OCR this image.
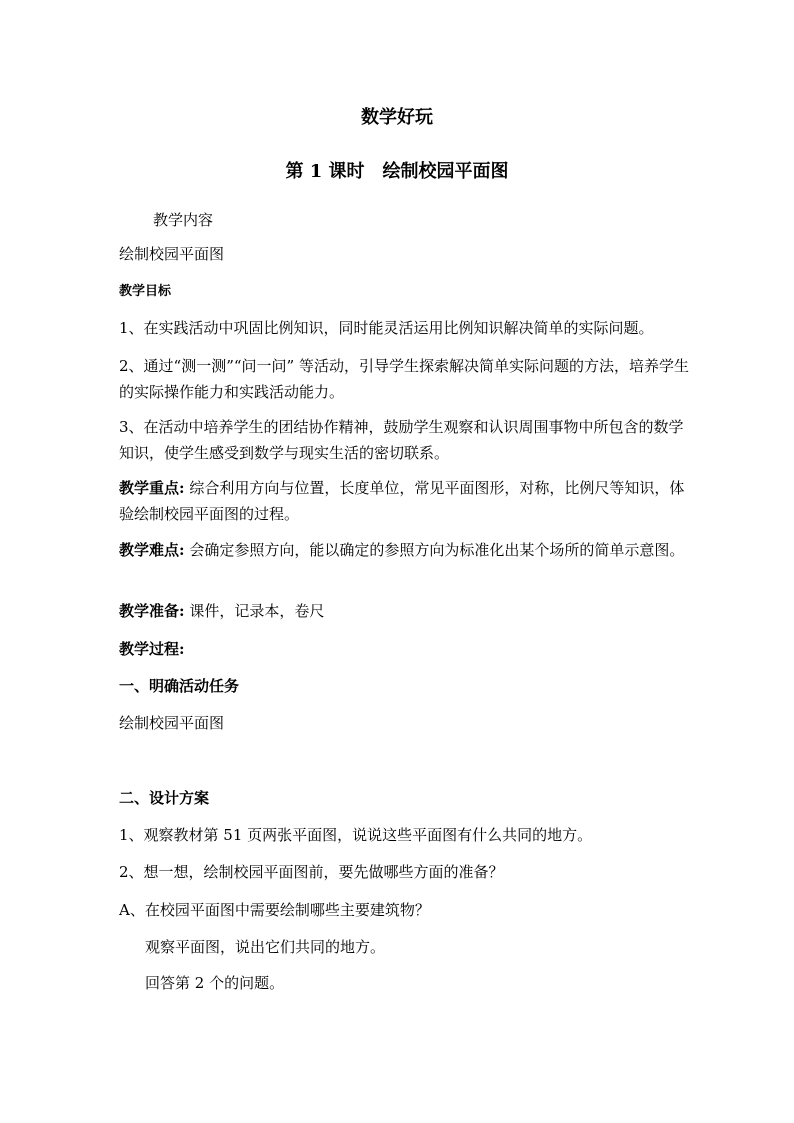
数学好玩
第 1 课时　绘制校园平面图
教学内容
绘制校园平面图
教学目标
1、在实践活动中巩固比例知识，同时能灵活运用比例知识解决简单的实际问题。
2、通过“测一测”“问一问” 等活动，引导学生探索解决简单实际问题的方法，培养学生的实际操作能力和实践活动能力。
3、在活动中培养学生的团结协作精神，鼓励学生观察和认识周围事物中所包含的数学知识，使学生感受到数学与现实生活的密切联系。
教学重点: 综合利用方向与位置，长度单位，常见平面图形，对称，比例尺等知识，体验绘制校园平面图的过程。
教学难点: 会确定参照方向，能以确定的参照方向为标准化出某个场所的简单示意图。
教学准备: 课件，记录本，卷尺
教学过程:
一、明确活动任务
绘制校园平面图
二、设计方案
1、观察教材第 51 页两张平面图，说说这些平面图有什么共同的地方。
2、想一想，绘制校园平面图前，要先做哪些方面的准备？
A、在校园平面图中需要绘制哪些主要建筑物？
观察平面图，说出它们共同的地方。
回答第 2 个的问题。
